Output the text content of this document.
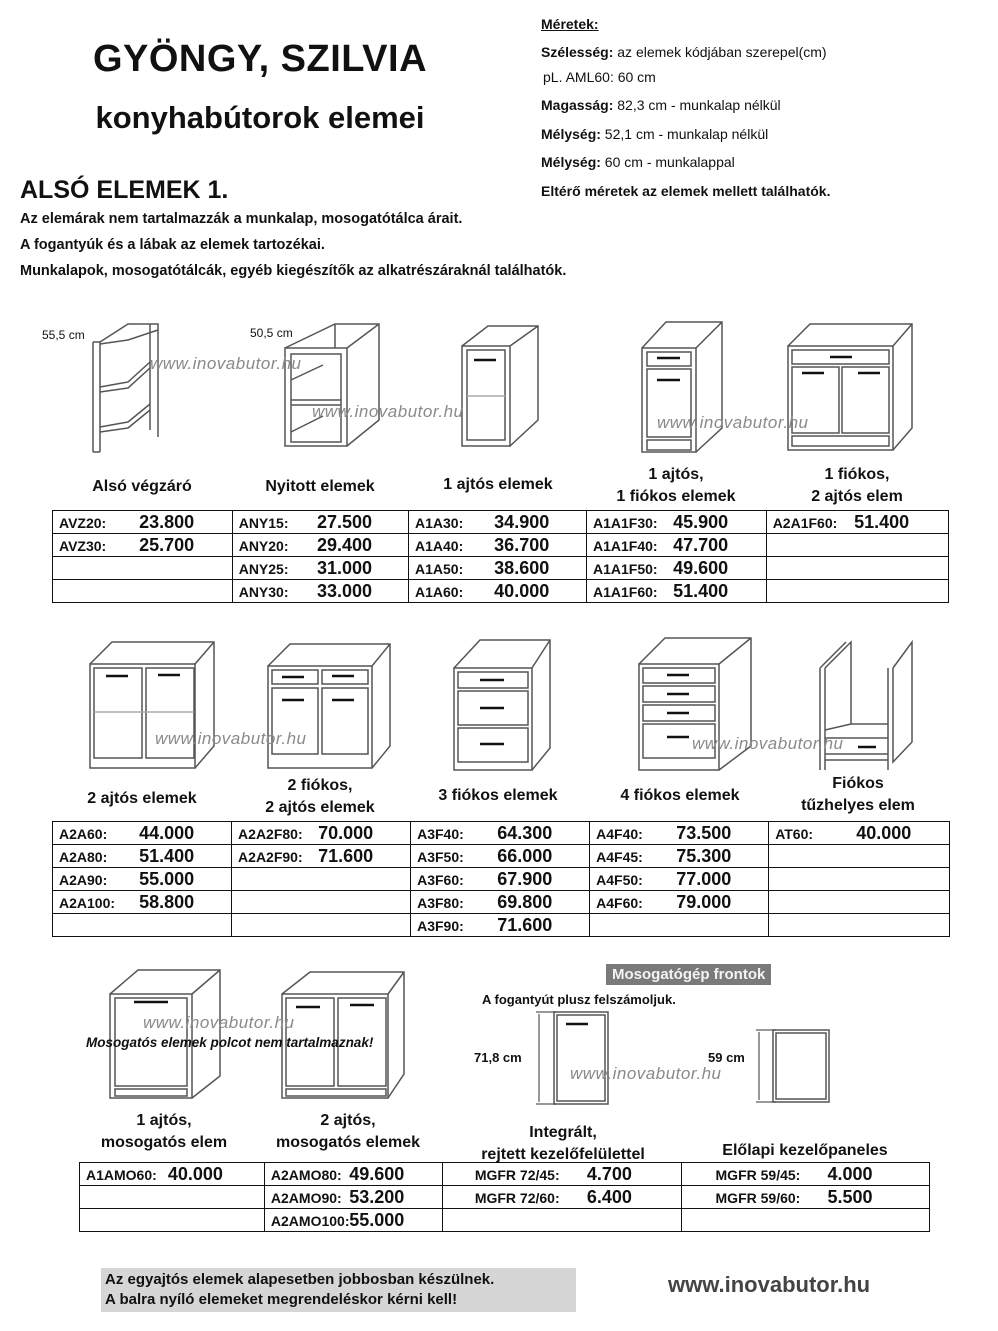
GYÖNGY, SZILVIA
konyhabútorok elemei
ALSÓ ELEMEK 1.
Az elemárak nem tartalmazzák a munkalap, mosogatótálca árait.
A fogantyúk és a lábak az elemek tartozékai.
Munkalapok, mosogatótálcák, egyéb kiegészítők az alkatrészáraknál találhatók.
Méretek:
Szélesség: az elemek kódjában szerepel(cm)
pL. AML60: 60 cm
Magasság: 82,3 cm - munkalap nélkül
Mélység: 52,1 cm - munkalap nélkül
Mélység: 60 cm - munkalappal
Eltérő méretek az elemek mellett találhatók.
55,5 cm	50,5 cm
www.inovabutor.hu
www.inovabutor.hu
www.inovabutor.hu
Alsó végzáró	Nyitott elemek	1 ajtós elemek
1 ajtós,
1 fiókos elemek
1 fiókos,
2 ajtós elem
AVZ20: 23.800	ANY15: 27.500	A1A30: 34.900	A1A1F30: 45.900	A2A1F60: 51.400
AVZ30: 25.700	ANY20: 29.400	A1A40: 36.700	A1A1F40: 47.700	
	ANY25: 31.000	A1A50: 38.600	A1A1F50: 49.600	
	ANY30: 33.000	A1A60: 40.000	A1A1F60: 51.400	
www.inovabutor.hu	www.inovabutor.hu
2 ajtós elemek
2 fiókos,
2 ajtós elemek
3 fiókos elemek	4 fiókos elemek
Fiókos
tűzhelyes elem
A2A60: 44.000	A2A2F80: 70.000	A3F40: 64.300	A4F40: 73.500	AT60: 40.000
A2A80: 51.400	A2A2F90: 71.600	A3F50: 66.000	A4F45: 75.300	
A2A90: 55.000		A3F60: 67.900	A4F50: 77.000	
A2A100: 58.800		A3F80: 69.800	A4F60: 79.000	
		A3F90: 71.600		
www.inovabutor.hu
Mosogatós elemek polcot nem tartalmaznak!
Mosogatógép frontok
A fogantyút plusz felszámoljuk.
71,8 cm	59 cm
www.inovabutor.hu
1 ajtós,
mosogatós elem
2 ajtós,
mosogatós elemek
Integrált,
rejtett kezelőfelülettel	Előlapi kezelőpaneles
A1AMO60: 40.000	A2AMO80: 49.600	MGFR 72/45: 4.700	MGFR 59/45: 4.000
	A2AMO90: 53.200	MGFR 72/60: 6.400	MGFR 59/60: 5.500
	A2AMO100:55.000		
Az egyajtós elemek alapesetben jobbosban készülnek.
A balra nyíló elemeket megrendeléskor kérni kell!
www.inovabutor.hu
